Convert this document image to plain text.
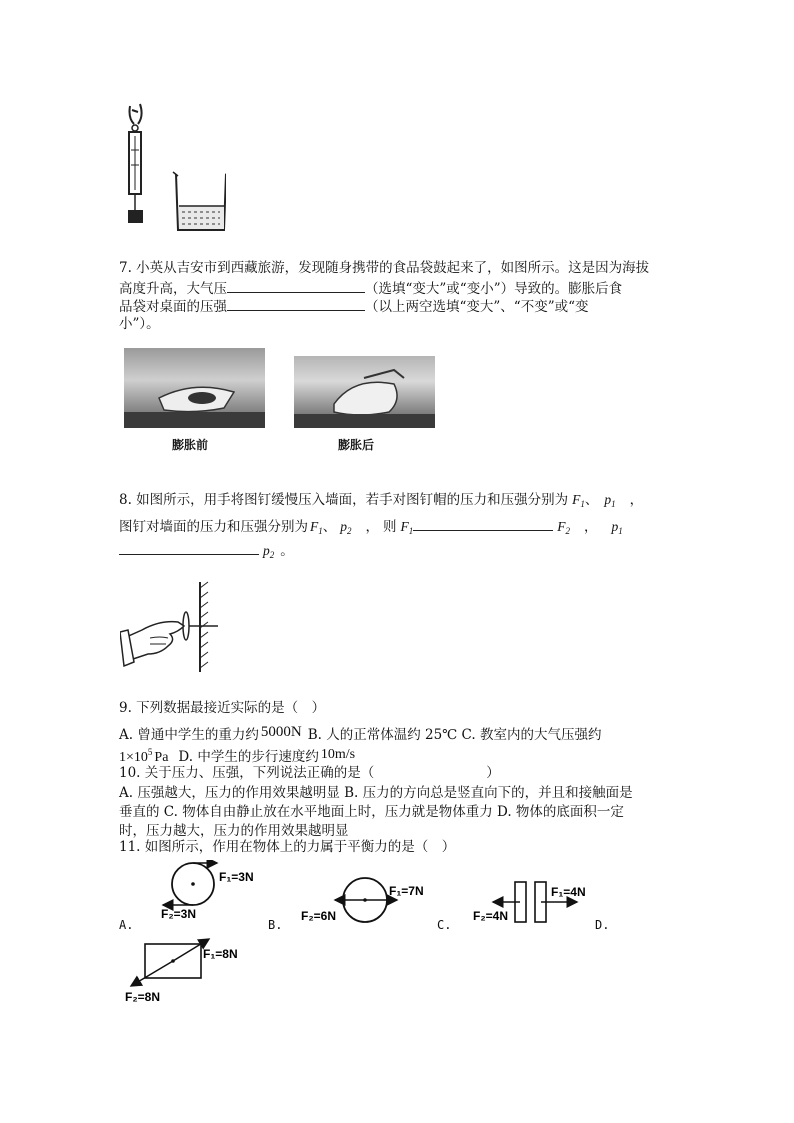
7. 小英从吉安市到西藏旅游，发现随身携带的食品袋鼓起来了，如图所示。这是因为海拔
高度升高，大气压	（选填“变大”或“变小”）导致的。膨胀后食
品袋对桌面的压强	（以上两空选填“变大”、“不变”或“变
小”）。
膨胀前	膨胀后
8. 如图所示，用手将图钉缓慢压入墙面，若手对图钉帽的压力和压强分别为 $F_1$、 $p_1$ ，
图钉对墙面的压力和压强分别为 $F_1$、 $p_2$ ， 则 $F_1$	$F_2$ ， $p_1$
$p_2$ 。
9. 下列数据最接近实际的是（　）
A. 曾通中学生的重力约 5000N B. 人的正常体温约 25℃ C. 教室内的大气压强约
$1\times 10^5$ Pa D. 中学生的步行速度约 10m/s
10. 关于压力、压强，下列说法正确的是（	）
A. 压强越大，压力的作用效果越明显 B. 压力的方向总是竖直向下的，并且和接触面是
垂直的 C. 物体自由静止放在水平地面上时，压力就是物体重力 D. 物体的底面积一定
时，压力越大，压力的作用效果越明显
11. 如图所示，作用在物体上的力属于平衡力的是（　）
F₁=3N
F₂=3N
F₁=7N
F₂=6N
F₁=4N
F₂=4N
F₁=8N
F₂=8N
A.	B.	C.	D.
